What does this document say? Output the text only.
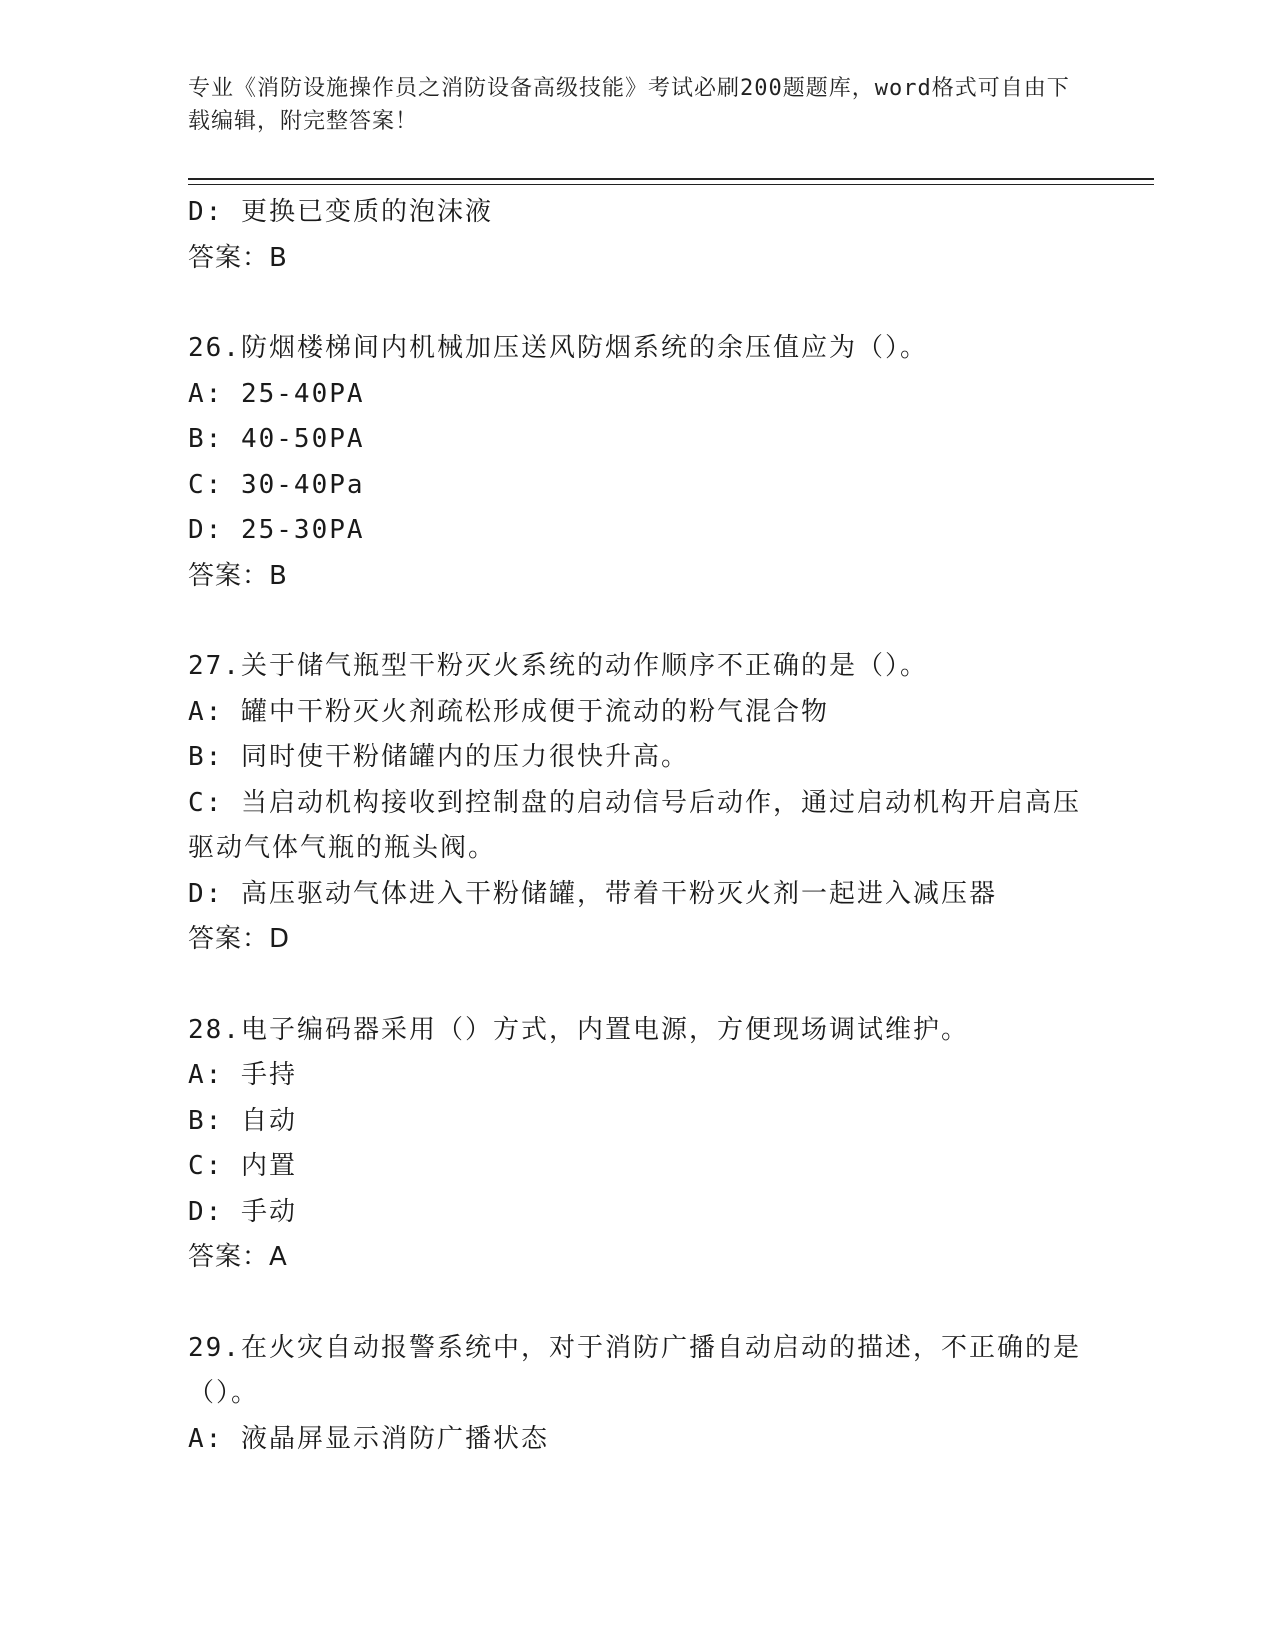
专业《消防设施操作员之消防设备高级技能》考试必刷200题题库，word格式可自由下载编辑，附完整答案！
D: 更换已变质的泡沫液
答案：B
26.防烟楼梯间内机械加压送风防烟系统的余压值应为（）。
A: 25-40PA
B: 40-50PA
C: 30-40Pa
D: 25-30PA
答案：B
27.关于储气瓶型干粉灭火系统的动作顺序不正确的是（）。
A: 罐中干粉灭火剂疏松形成便于流动的粉气混合物
B: 同时使干粉储罐内的压力很快升高。
C: 当启动机构接收到控制盘的启动信号后动作，通过启动机构开启高压驱动气体气瓶的瓶头阀。
D: 高压驱动气体进入干粉储罐，带着干粉灭火剂一起进入减压器
答案：D
28.电子编码器采用（）方式，内置电源，方便现场调试维护。
A: 手持
B: 自动
C: 内置
D: 手动
答案：A
29.在火灾自动报警系统中，对于消防广播自动启动的描述，不正确的是（）。
A: 液晶屏显示消防广播状态
